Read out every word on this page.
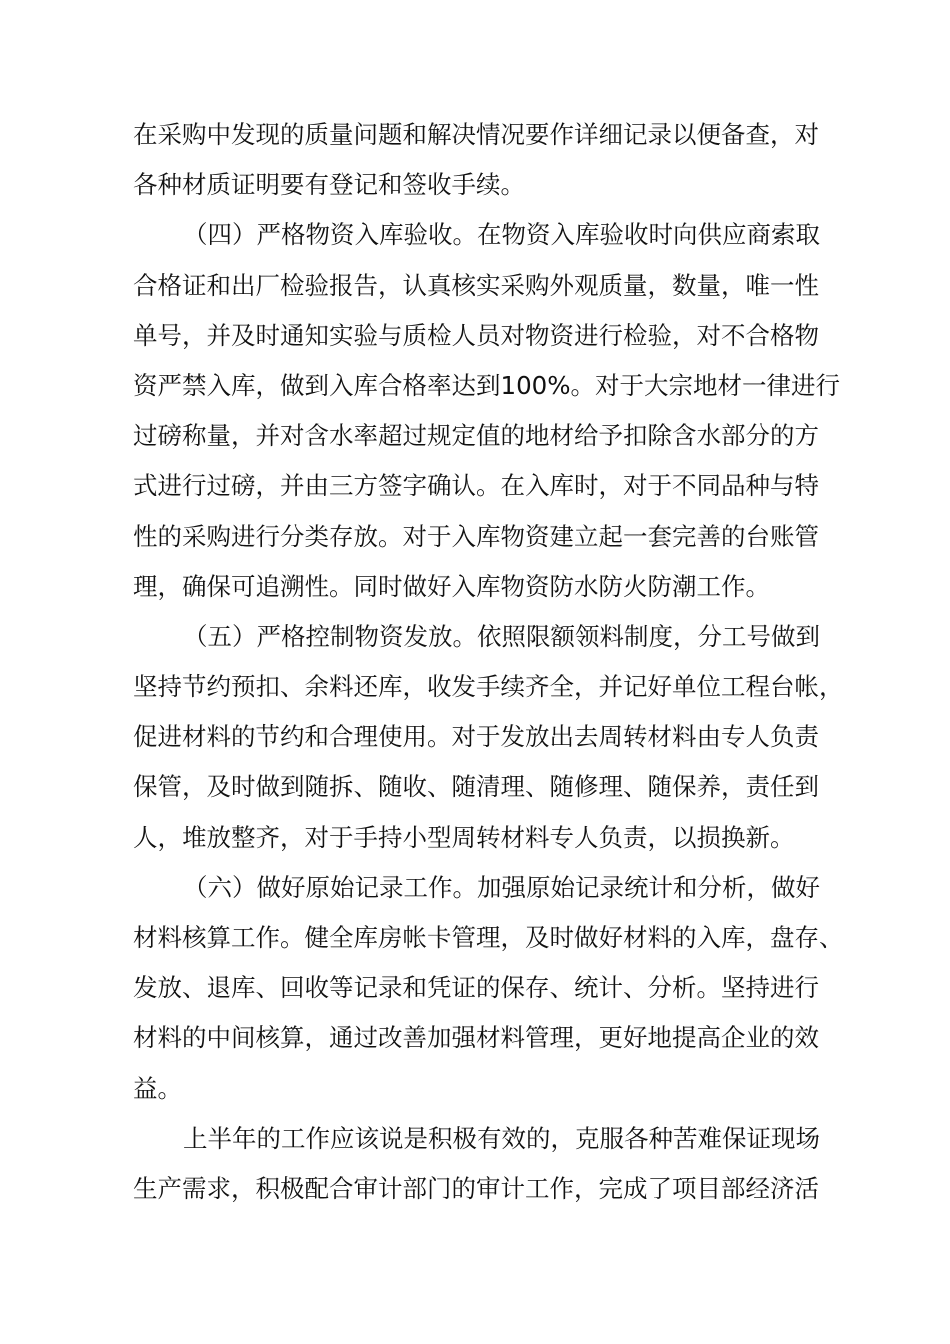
在采购中发现的质量问题和解决情况要作详细记录以便备查，对
各种材质证明要有登记和签收手续。
（四）严格物资入库验收。在物资入库验收时向供应商索取
合格证和出厂检验报告，认真核实采购外观质量，数量，唯一性
单号，并及时通知实验与质检人员对物资进行检验，对不合格物
资严禁入库，做到入库合格率达到100%。对于大宗地材一律进行
过磅称量，并对含水率超过规定值的地材给予扣除含水部分的方
式进行过磅，并由三方签字确认。在入库时，对于不同品种与特
性的采购进行分类存放。对于入库物资建立起一套完善的台账管
理，确保可追溯性。同时做好入库物资防水防火防潮工作。
（五）严格控制物资发放。依照限额领料制度，分工号做到
坚持节约预扣、余料还库，收发手续齐全，并记好单位工程台帐，
促进材料的节约和合理使用。对于发放出去周转材料由专人负责
保管，及时做到随拆、随收、随清理、随修理、随保养，责任到
人，堆放整齐，对于手持小型周转材料专人负责，以损换新。
（六）做好原始记录工作。加强原始记录统计和分析，做好
材料核算工作。健全库房帐卡管理，及时做好材料的入库，盘存、
发放、退库、回收等记录和凭证的保存、统计、分析。坚持进行
材料的中间核算，通过改善加强材料管理，更好地提高企业的效
益。
上半年的工作应该说是积极有效的，克服各种苦难保证现场
生产需求，积极配合审计部门的审计工作，完成了项目部经济活
